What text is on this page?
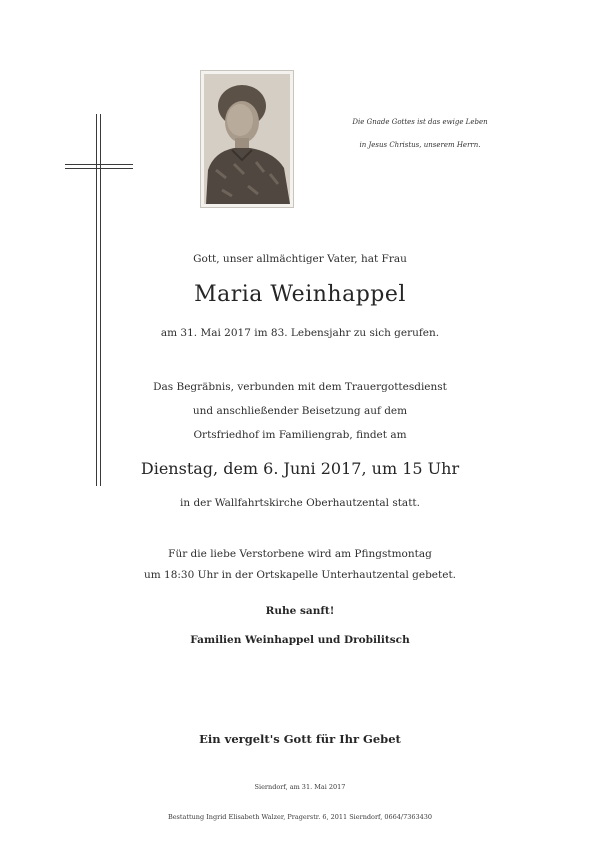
Die Gnade Gottes ist das ewige Leben
in Jesus Christus, unserem Herrn.
Gott, unser allmächtiger Vater, hat Frau
Maria Weinhappel
am 31. Mai 2017 im 83. Lebensjahr zu sich gerufen.
Das Begräbnis, verbunden mit dem Trauergottesdienst
und anschließender Beisetzung auf dem
Ortsfriedhof im Familiengrab, findet am
Dienstag, dem 6. Juni 2017, um 15 Uhr
in der Wallfahrtskirche Oberhautzental statt.
Für die liebe Verstorbene wird am Pfingstmontag
um 18:30 Uhr in der Ortskapelle Unterhautzental gebetet.
Ruhe sanft!
Familien Weinhappel und Drobilitsch
Ein vergelt's Gott für Ihr Gebet
Sierndorf, am 31. Mai 2017
Bestattung Ingrid Elisabeth Walzer, Pragerstr. 6, 2011 Sierndorf, 0664/7363430
